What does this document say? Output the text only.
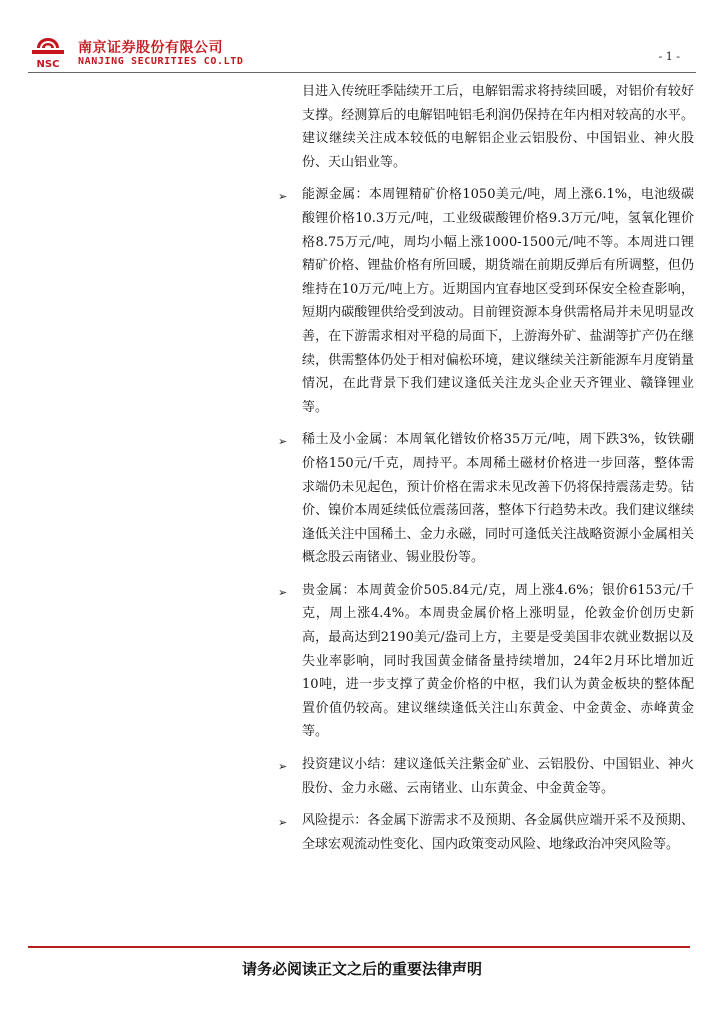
NSC
南京证券股份有限公司
NANJING SECURITIES CO.LTD	- 1 -

目进入传统旺季陆续开工后，电解铝需求将持续回暖，对铝价有较好支撑。经测算后的电解铝吨铝毛利润仍保持在年内相对较高的水平。建议继续关注成本较低的电解铝企业云铝股份、中国铝业、神火股份、天山铝业等。

➢ 能源金属：本周锂精矿价格1050美元/吨，周上涨6.1%，电池级碳酸锂价格10.3万元/吨，工业级碳酸锂价格9.3万元/吨，氢氧化锂价格8.75万元/吨，周均小幅上涨1000-1500元/吨不等。本周进口锂精矿价格、锂盐价格有所回暖，期货端在前期反弹后有所调整，但仍维持在10万元/吨上方。近期国内宜春地区受到环保安全检查影响，短期内碳酸锂供给受到波动。目前锂资源本身供需格局并未见明显改善，在下游需求相对平稳的局面下，上游海外矿、盐湖等扩产仍在继续，供需整体仍处于相对偏松环境，建议继续关注新能源车月度销量情况，在此背景下我们建议逢低关注龙头企业天齐锂业、赣锋锂业等。

➢ 稀土及小金属：本周氧化镨钕价格35万元/吨，周下跌3%，钕铁硼价格150元/千克，周持平。本周稀土磁材价格进一步回落，整体需求端仍未见起色，预计价格在需求未见改善下仍将保持震荡走势。钴价、镍价本周延续低位震荡回落，整体下行趋势未改。我们建议继续逢低关注中国稀土、金力永磁，同时可逢低关注战略资源小金属相关概念股云南锗业、锡业股份等。

➢ 贵金属：本周黄金价505.84元/克，周上涨4.6%；银价6153元/千克，周上涨4.4%。本周贵金属价格上涨明显，伦敦金价创历史新高，最高达到2190美元/盎司上方，主要是受美国非农就业数据以及失业率影响，同时我国黄金储备量持续增加，24年2月环比增加近10吨，进一步支撑了黄金价格的中枢，我们认为黄金板块的整体配置价值仍较高。建议继续逢低关注山东黄金、中金黄金、赤峰黄金等。

➢ 投资建议小结：建议逢低关注紫金矿业、云铝股份、中国铝业、神火股份、金力永磁、云南锗业、山东黄金、中金黄金等。

➢ 风险提示：各金属下游需求不及预期、各金属供应端开采不及预期、全球宏观流动性变化、国内政策变动风险、地缘政治冲突风险等。

请务必阅读正文之后的重要法律声明
